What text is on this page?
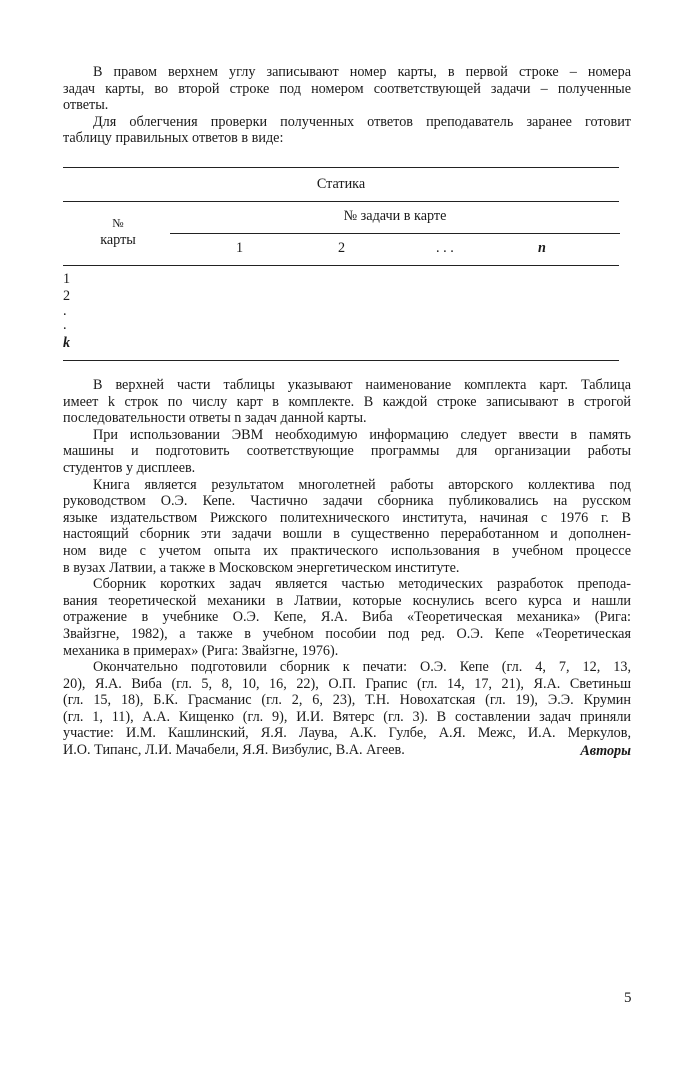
В правом верхнем углу записывают номер карты, в первой строке – номера
задач карты, во второй строке под номером соответствующей задачи – полученные
ответы.
Для облегчения проверки полученных ответов преподаватель заранее готовит
таблицу правильных ответов в виде:
Статика
№
карты
№ задачи в карте
1	2	. . .	n
1
2
.
.
k
В верхней части таблицы указывают наименование комплекта карт. Таблица
имеет k строк по числу карт в комплекте. В каждой строке записывают в строгой
последовательности ответы n задач данной карты.
При использовании ЭВМ необходимую информацию следует ввести в память
машины и подготовить соответствующие программы для организации работы
студентов у дисплеев.
Книга является результатом многолетней работы авторского коллектива под
руководством О.Э. Кепе. Частично задачи сборника публиковались на русском
языке издательством Рижского политехнического института, начиная с 1976 г. В
настоящий сборник эти задачи вошли в существенно переработанном и дополнен-
ном виде с учетом опыта их практического использования в учебном процессе
в вузах Латвии, а также в Московском энергетическом институте.
Сборник коротких задач является частью методических разработок препода-
вания теоретической механики в Латвии, которые коснулись всего курса и нашли
отражение в учебнике О.Э. Кепе, Я.А. Виба «Теоретическая механика» (Рига:
Звайзгне, 1982), а также в учебном пособии под ред. О.Э. Кепе «Теоретическая
механика в примерах» (Рига: Звайзгне, 1976).
Окончательно подготовили сборник к печати: О.Э. Кепе (гл. 4, 7, 12, 13,
20), Я.А. Виба (гл. 5, 8, 10, 16, 22), О.П. Грапис (гл. 14, 17, 21), Я.А. Светиньш
(гл. 15, 18), Б.К. Грасманис (гл. 2, 6, 23), Т.Н. Новохатская (гл. 19), Э.Э. Крумин
(гл. 1, 11), А.А. Кищенко (гл. 9), И.И. Вятерс (гл. 3). В составлении задач приняли
участие: И.М. Кашлинский, Я.Я. Лаува, А.К. Гулбе, А.Я. Межс, И.А. Меркулов,
И.О. Типанс, Л.И. Мачабели, Я.Я. Визбулис, В.А. Агеев.	Авторы
5
